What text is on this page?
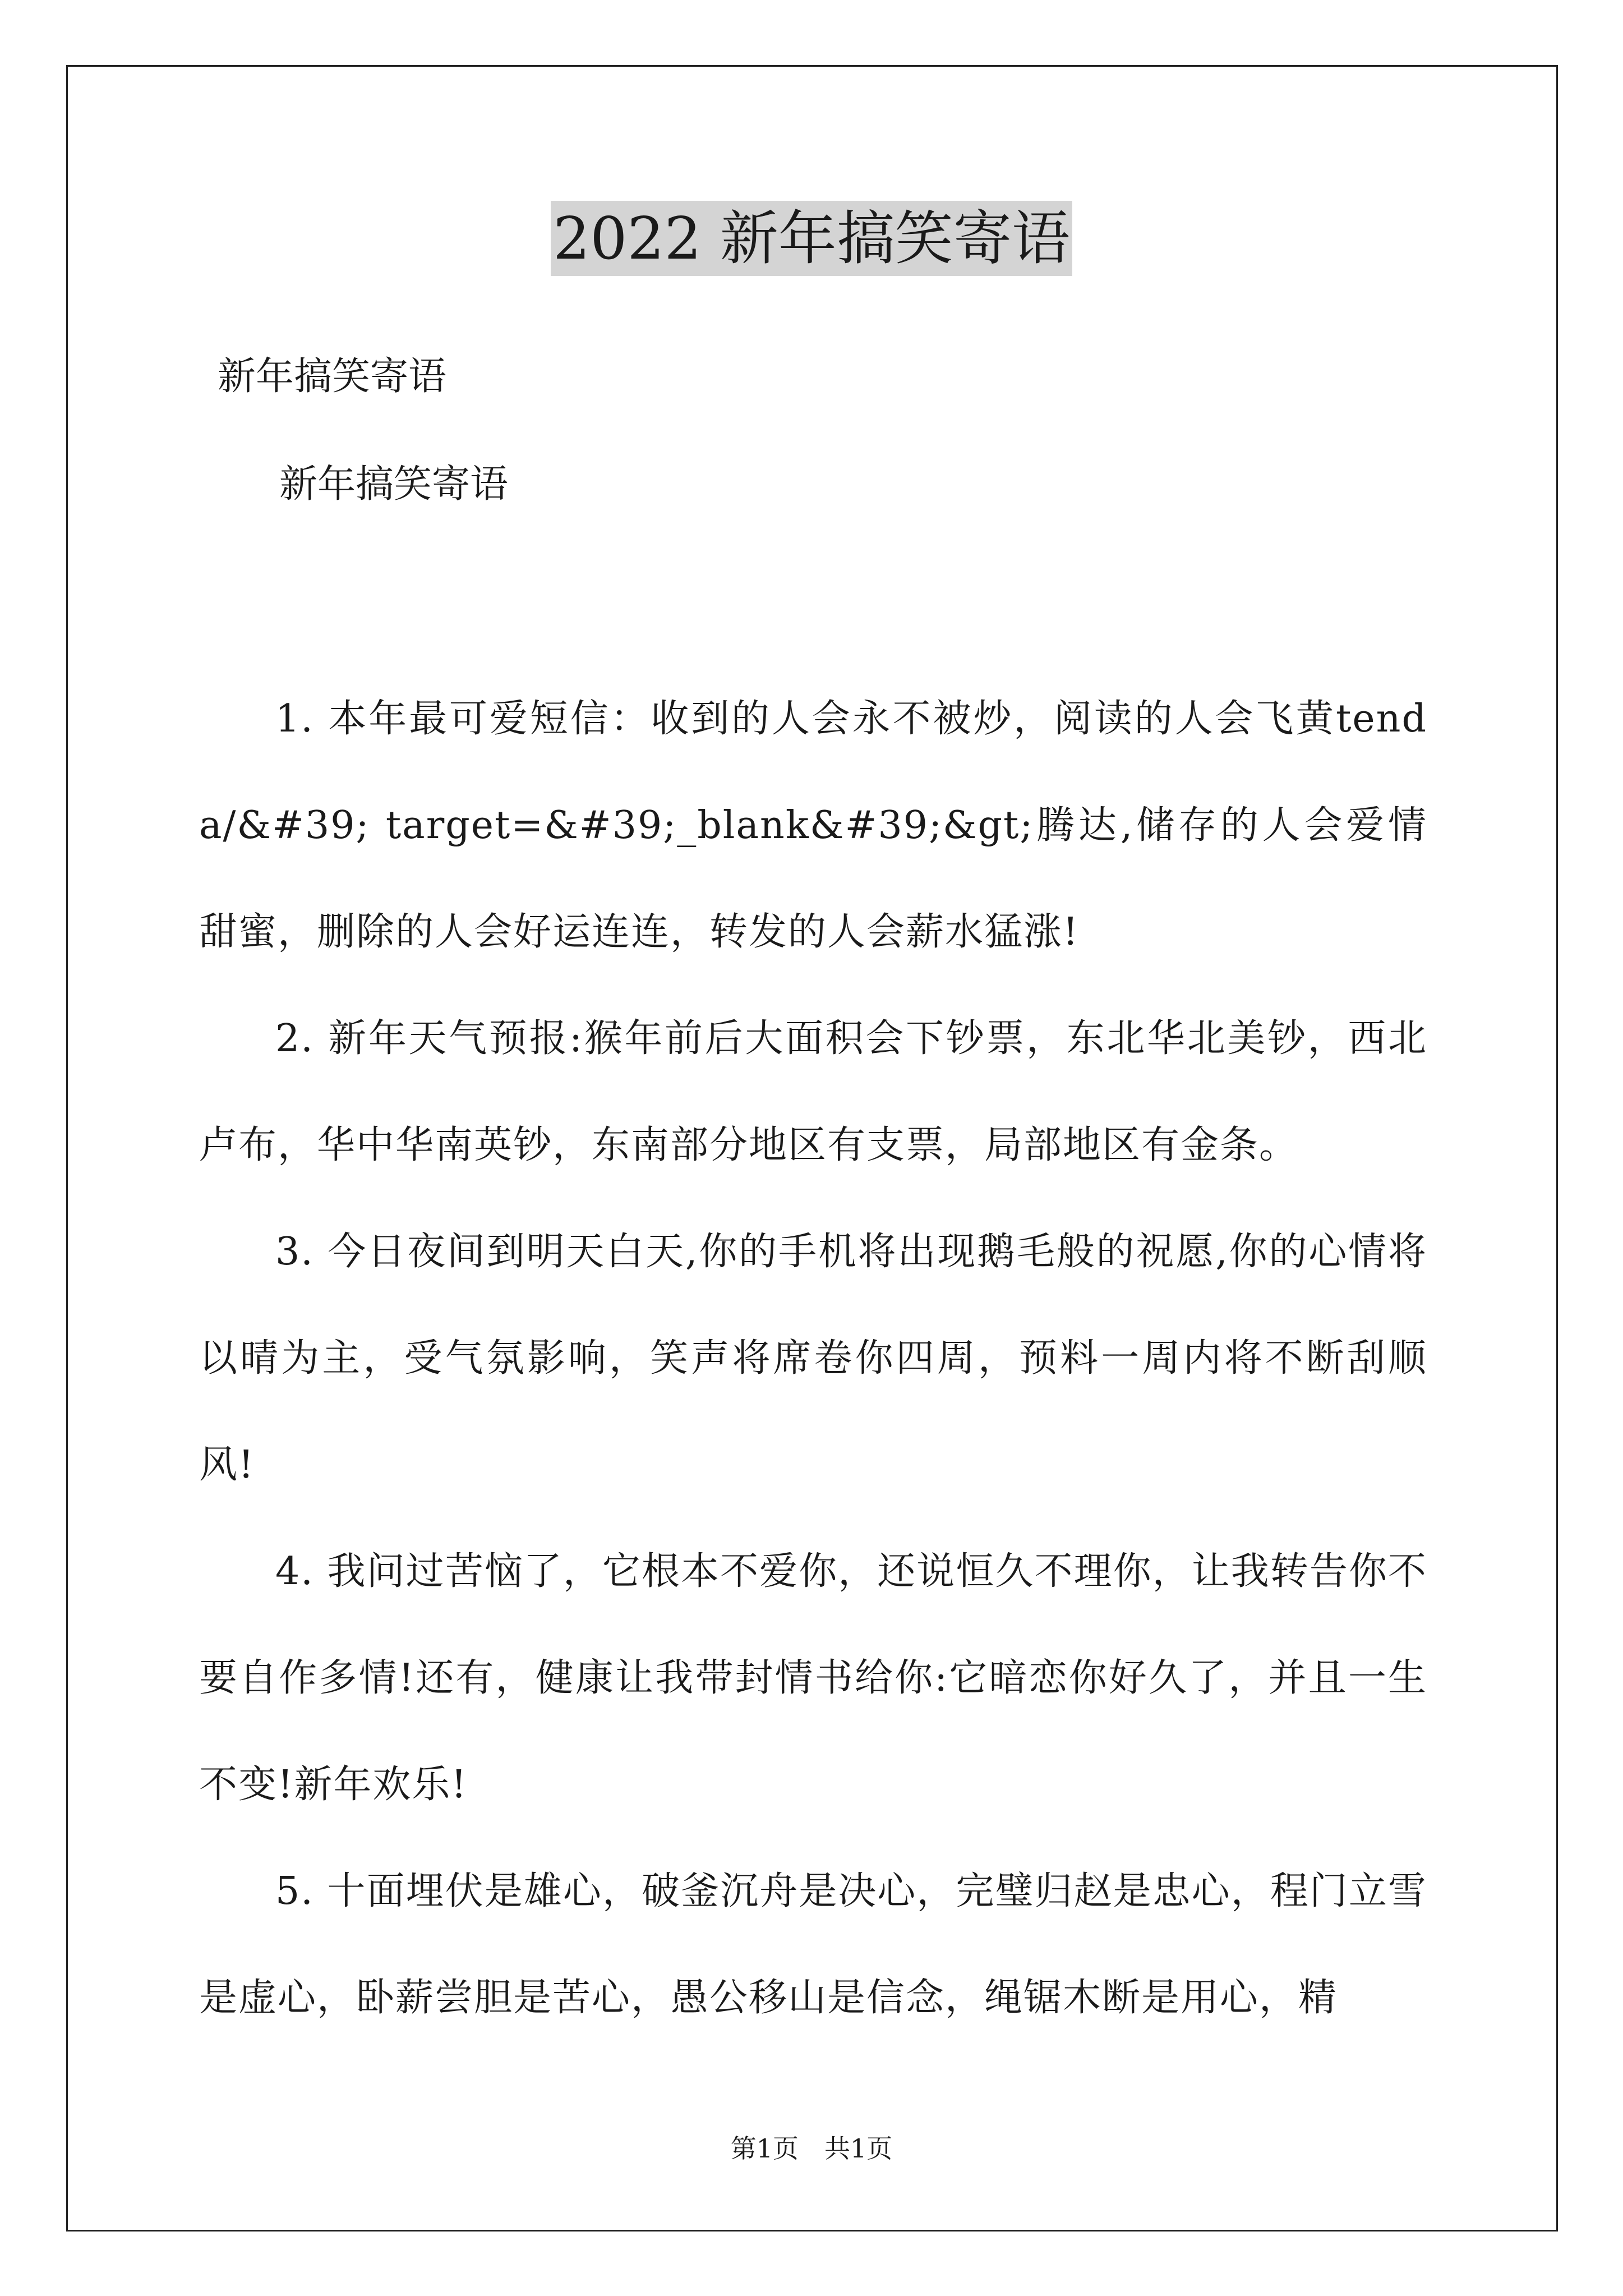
2022 新年搞笑寄语
新年搞笑寄语
新年搞笑寄语

1. 本年最可爱短信：收到的人会永不被炒，阅读的人会飞黄tenda/&#39; target=&#39;_blank&#39;&gt;腾达,储存的人会爱情甜蜜，删除的人会好运连连，转发的人会薪水猛涨!

2. 新年天气预报:猴年前后大面积会下钞票，东北华北美钞，西北卢布，华中华南英钞，东南部分地区有支票，局部地区有金条。

3. 今日夜间到明天白天,你的手机将出现鹅毛般的祝愿,你的心情将以晴为主，受气氛影响，笑声将席卷你四周，预料一周内将不断刮顺风!

4. 我问过苦恼了，它根本不爱你，还说恒久不理你，让我转告你不要自作多情!还有，健康让我带封情书给你:它暗恋你好久了，并且一生不变!新年欢乐!

5. 十面埋伏是雄心，破釜沉舟是决心，完璧归赵是忠心，程门立雪是虚心，卧薪尝胆是苦心，愚公移山是信念，绳锯木断是用心，精

第1页　共1页
